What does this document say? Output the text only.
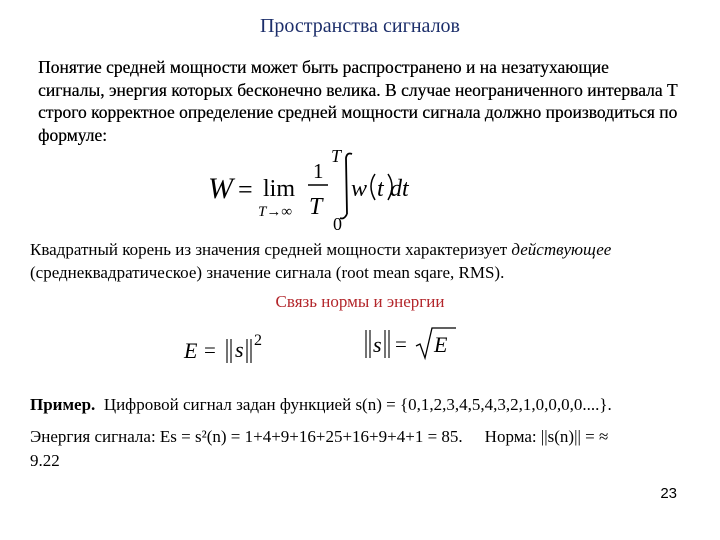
Пространства сигналов
Понятие средней мощности может быть распространено и на незатухающие сигналы, энергия которых бесконечно велика. В случае неограниченного интервала T строго корректное определение средней мощности сигнала должно производиться по формуле:
W = lim
T→∞
1
T
T
0
w t dt
Квадратный корень из значения средней мощности характеризует действующее (среднеквадратическое) значение сигнала (root mean sqare, RMS).
Связь нормы и энергии
E = s 2	s = E
Пример. Цифровой сигнал задан функцией s(n) = {0,1,2,3,4,5,4,3,2,1,0,0,0,0....}.
Энергия сигнала: Es = s²(n) = 1+4+9+16+25+16+9+4+1 = 85. Норма: ||s(n)|| = ≈
9.22
23
